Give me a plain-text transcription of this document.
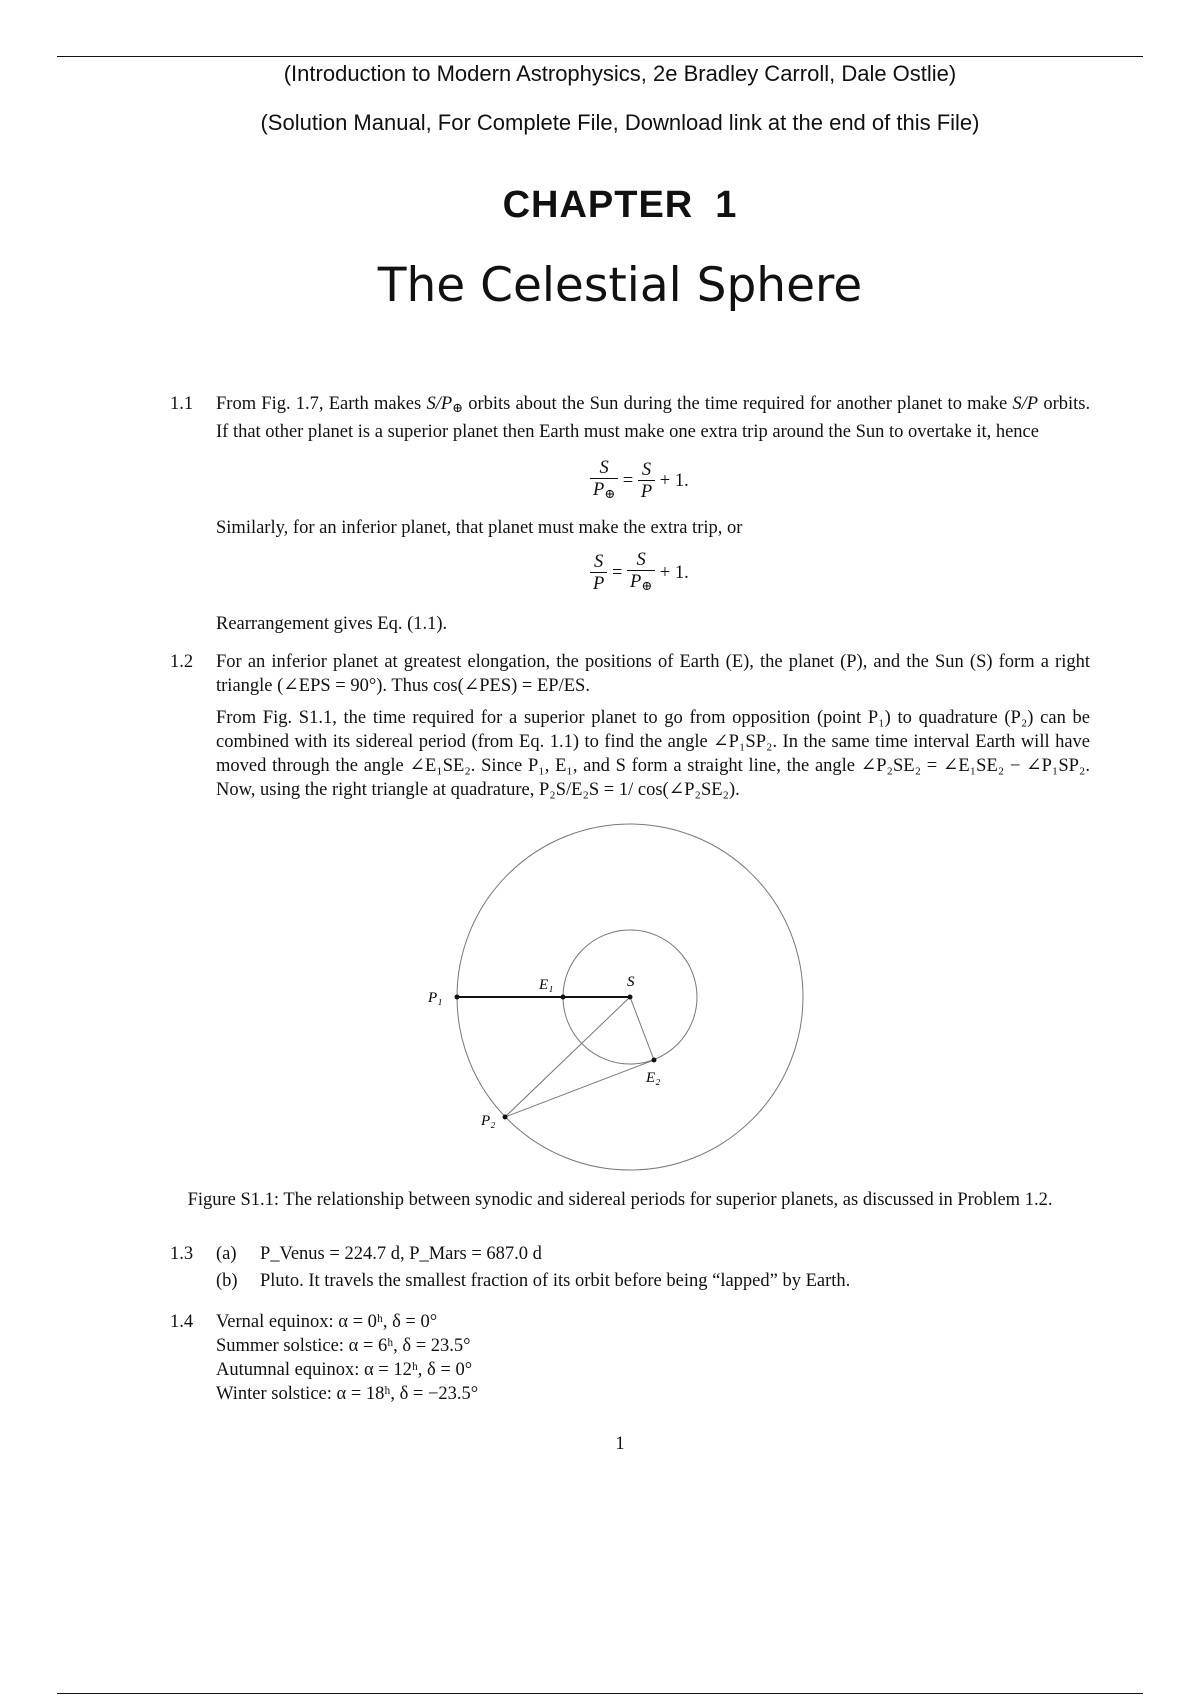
(Introduction to Modern Astrophysics, 2e Bradley Carroll, Dale Ostlie)
(Solution Manual, For Complete File, Download link at the end of this File)
CHAPTER 1
The Celestial Sphere
1.1 From Fig. 1.7, Earth makes $S/P_\oplus$ orbits about the Sun during the time required for another planet to make S/P orbits. If that other planet is a superior planet then Earth must make one extra trip around the Sun to overtake it, hence

$\frac{S}{P_\oplus} = \frac{S}{P} + 1$.

Similarly, for an inferior planet, that planet must make the extra trip, or

$\frac{S}{P} = \frac{S}{P_\oplus} + 1$.

Rearrangement gives Eq. (1.1).

1.2 For an inferior planet at greatest elongation, the positions of Earth (E), the planet (P), and the Sun (S) form a right triangle (∠EPS = 90°). Thus cos(∠PES) = EP/ES.

From Fig. S1.1, the time required for a superior planet to go from opposition (point P₁) to quadrature (P₂) can be combined with its sidereal period (from Eq. 1.1) to find the angle ∠P₁SP₂. In the same time interval Earth will have moved through the angle ∠E₁SE₂. Since P₁, E₁, and S form a straight line, the angle ∠P₂SE₂ = ∠E₁SE₂ − ∠P₁SP₂. Now, using the right triangle at quadrature, P₂S/E₂S = 1/ cos(∠P₂SE₂).

P₁
E₁	S
E₂
P₂
Figure S1.1: The relationship between synodic and sidereal periods for superior planets, as discussed in Problem 1.2.
1.3 (a) P_Venus = 224.7 d, P_Mars = 687.0 d
(b) Pluto. It travels the smallest fraction of its orbit before being “lapped” by Earth.
1.4 Vernal equinox: α = 0ʰ, δ = 0°
Summer solstice: α = 6ʰ, δ = 23.5°
Autumnal equinox: α = 12ʰ, δ = 0°
Winter solstice: α = 18ʰ, δ = −23.5°
1
